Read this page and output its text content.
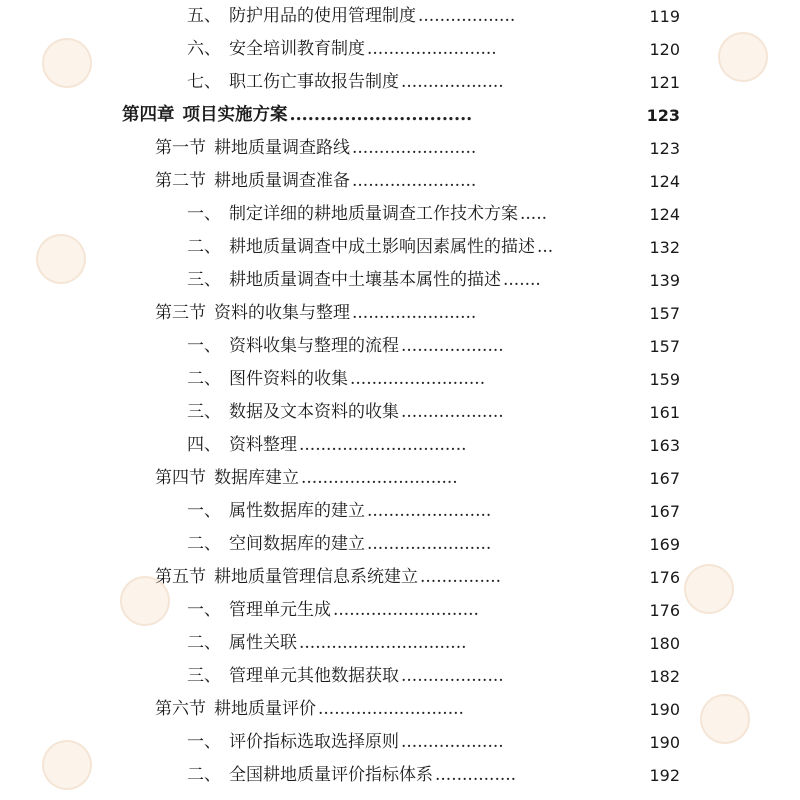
五、 防护用品的使用管理制度 ..................	119
六、 安全培训教育制度 ........................	120
七、 职工伤亡事故报告制度 ...................	121
第四章 项目实施方案 ..............................	123
第一节 耕地质量调查路线 .......................	123
第二节 耕地质量调查准备 .......................	124
一、 制定详细的耕地质量调查工作技术方案 .....	124
二、 耕地质量调查中成土影响因素属性的描述 ...	132
三、 耕地质量调查中土壤基本属性的描述 .......	139
第三节 资料的收集与整理 .......................	157
一、 资料收集与整理的流程 ...................	157
二、 图件资料的收集 .........................	159
三、 数据及文本资料的收集 ...................	161
四、 资料整理 ...............................	163
第四节 数据库建立 .............................	167
一、 属性数据库的建立 .......................	167
二、 空间数据库的建立 .......................	169
第五节 耕地质量管理信息系统建立 ...............	176
一、 管理单元生成 ...........................	176
二、 属性关联 ...............................	180
三、 管理单元其他数据获取 ...................	182
第六节 耕地质量评价 ...........................	190
一、 评价指标选取选择原则 ...................	190
二、 全国耕地质量评价指标体系 ...............	192
